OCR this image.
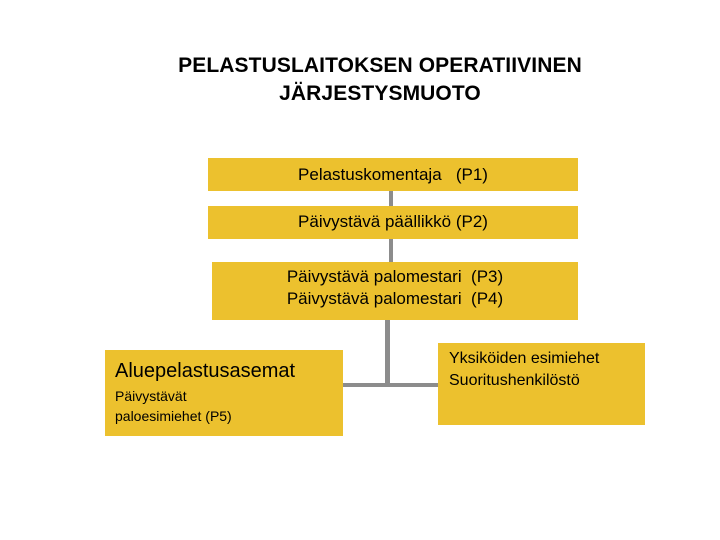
PELASTUSLAITOKSEN OPERATIIVINEN
JÄRJESTYSMUOTO
Pelastuskomentaja   (P1)
Päivystävä päällikkö (P2)
Päivystävä palomestari  (P3)
Päivystävä palomestari  (P4)
Aluepelastusasemat
Päivystävät
paloesimiehet (P5)
Yksiköiden esimiehet
Suoritushenkilöstö
